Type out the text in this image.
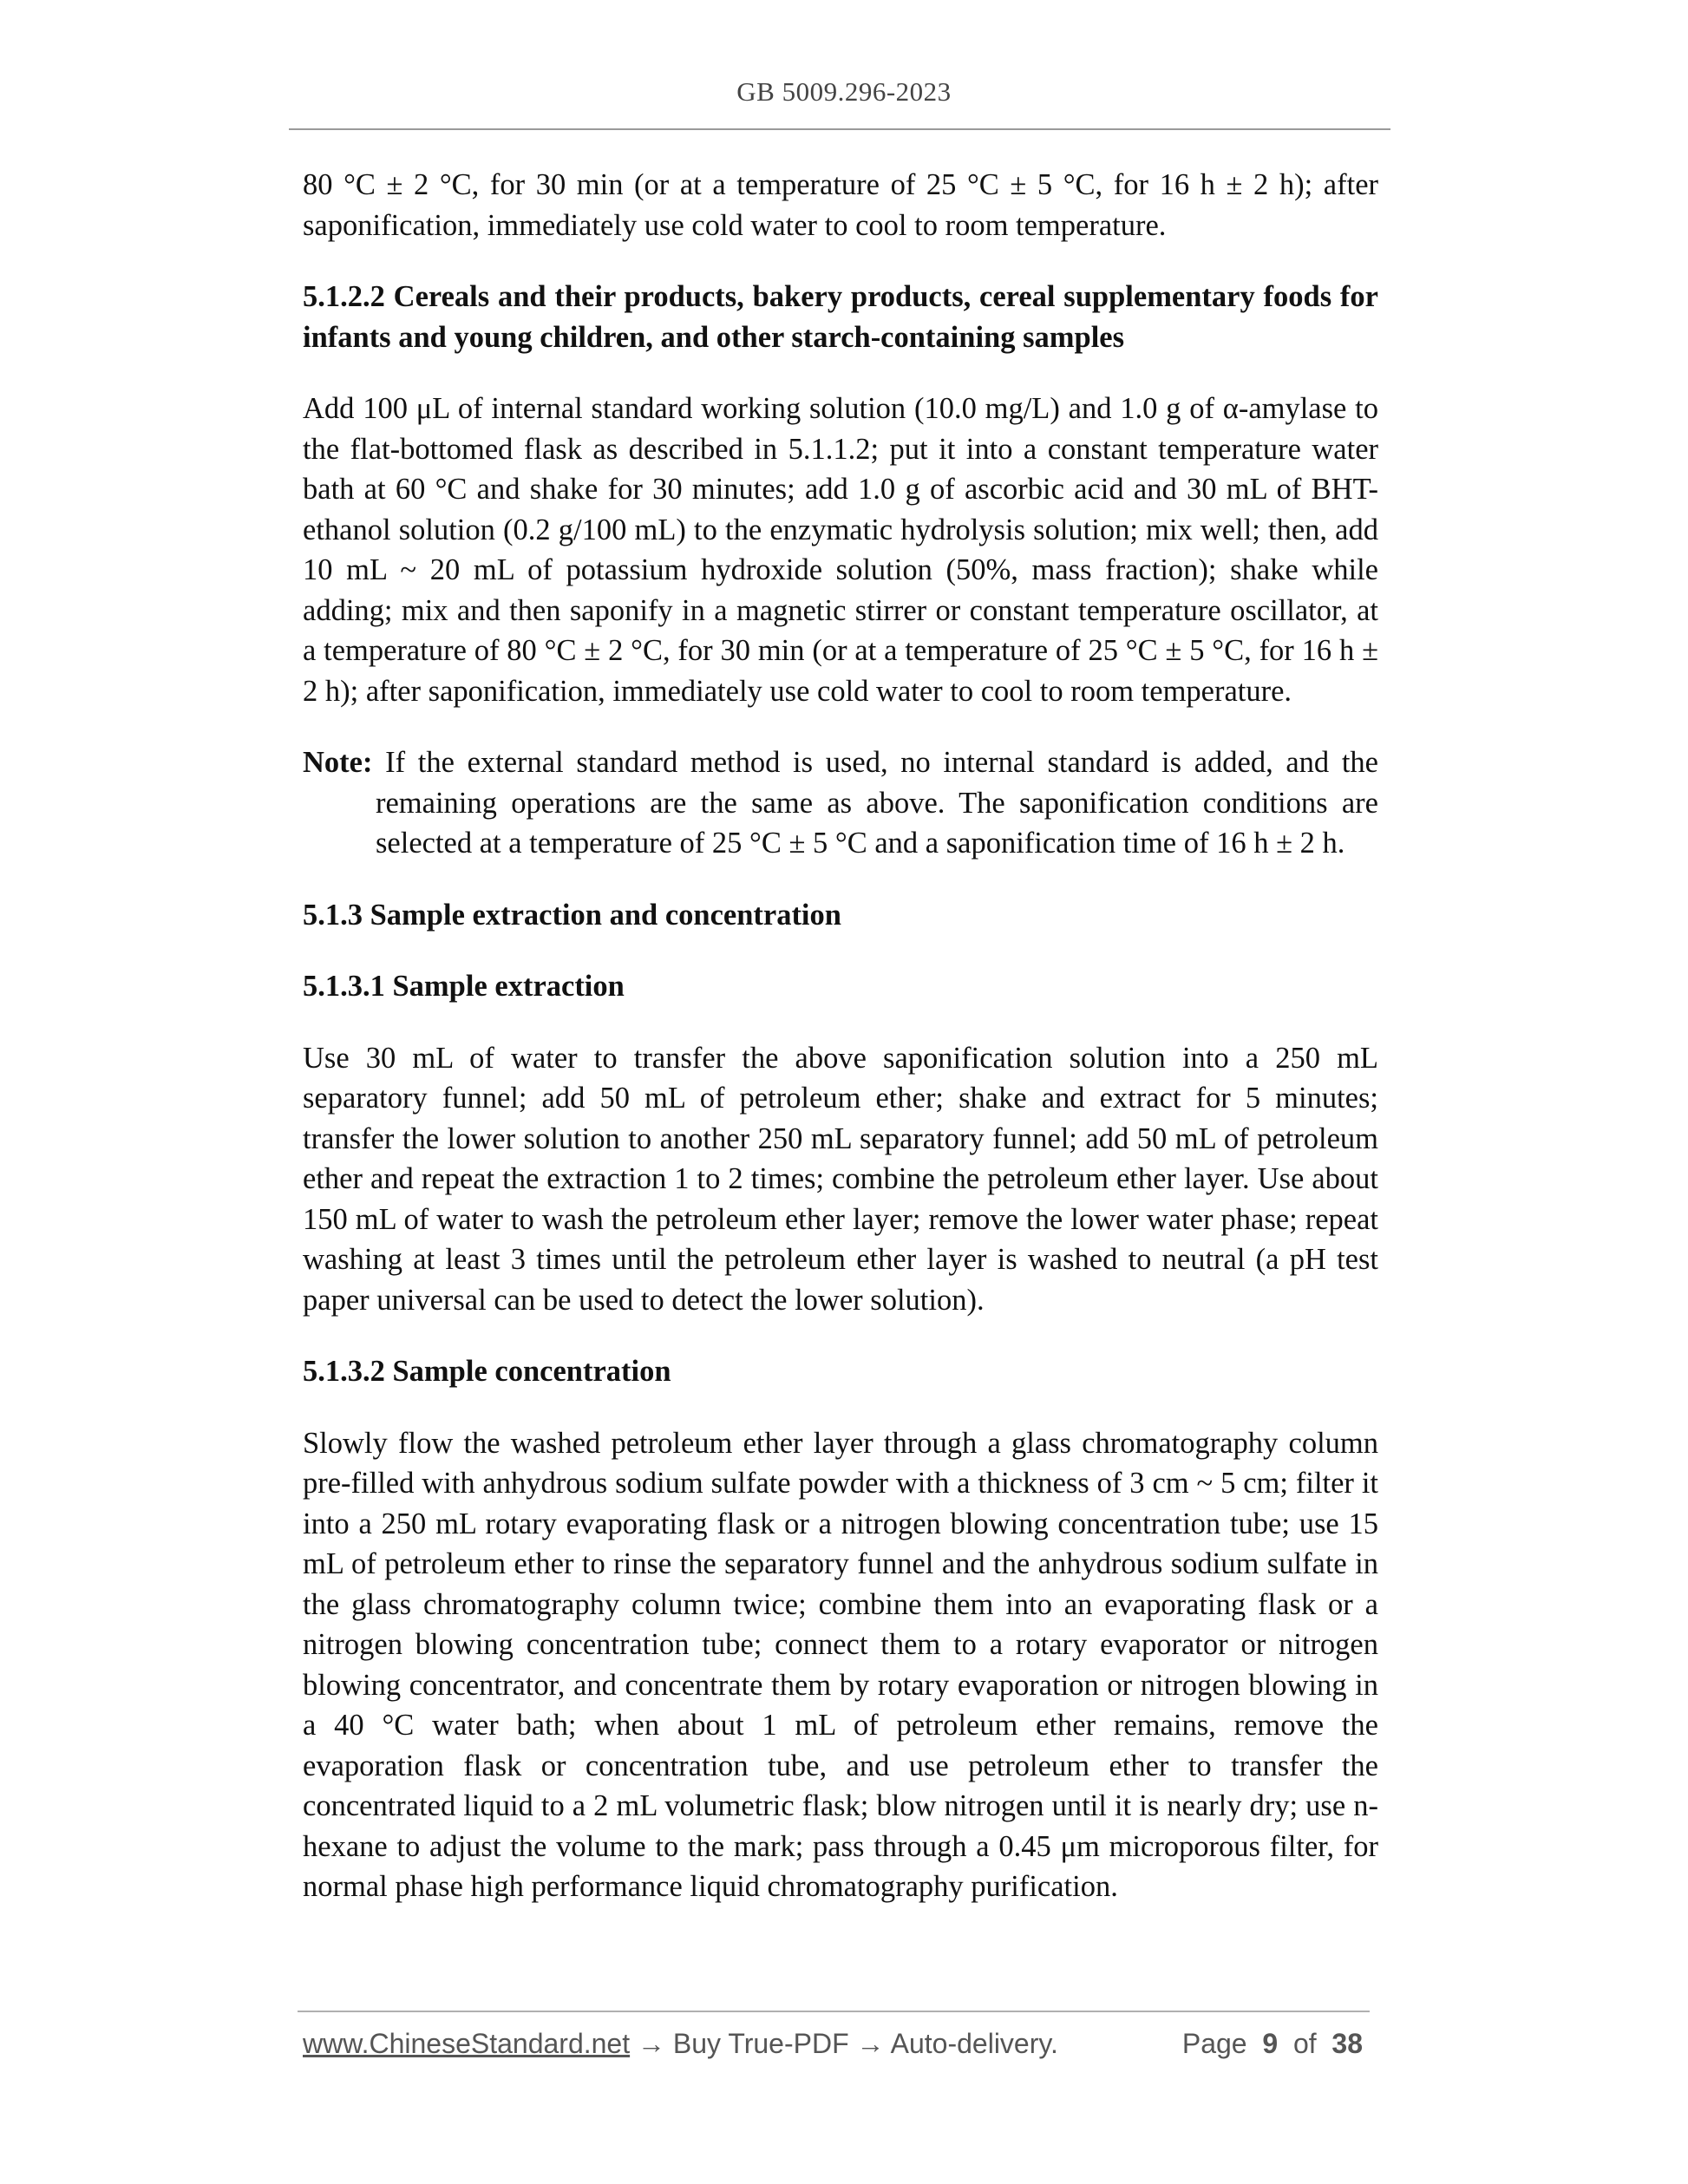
GB 5009.296-2023

80 °C ± 2 °C, for 30 min (or at a temperature of 25 °C ± 5 °C, for 16 h ± 2 h); after saponification, immediately use cold water to cool to room temperature.

5.1.2.2 Cereals and their products, bakery products, cereal supplementary foods for infants and young children, and other starch-containing samples

Add 100 μL of internal standard working solution (10.0 mg/L) and 1.0 g of α-amylase to the flat-bottomed flask as described in 5.1.1.2; put it into a constant temperature water bath at 60 °C and shake for 30 minutes; add 1.0 g of ascorbic acid and 30 mL of BHT-ethanol solution (0.2 g/100 mL) to the enzymatic hydrolysis solution; mix well; then, add 10 mL ~ 20 mL of potassium hydroxide solution (50%, mass fraction); shake while adding; mix and then saponify in a magnetic stirrer or constant temperature oscillator, at a temperature of 80 °C ± 2 °C, for 30 min (or at a temperature of 25 °C ± 5 °C, for 16 h ± 2 h); after saponification, immediately use cold water to cool to room temperature.

Note: If the external standard method is used, no internal standard is added, and the remaining operations are the same as above. The saponification conditions are selected at a temperature of 25 °C ± 5 °C and a saponification time of 16 h ± 2 h.
5.1.3 Sample extraction and concentration
5.1.3.1 Sample extraction

Use 30 mL of water to transfer the above saponification solution into a 250 mL separatory funnel; add 50 mL of petroleum ether; shake and extract for 5 minutes; transfer the lower solution to another 250 mL separatory funnel; add 50 mL of petroleum ether and repeat the extraction 1 to 2 times; combine the petroleum ether layer. Use about 150 mL of water to wash the petroleum ether layer; remove the lower water phase; repeat washing at least 3 times until the petroleum ether layer is washed to neutral (a pH test paper universal can be used to detect the lower solution).

5.1.3.2 Sample concentration

Slowly flow the washed petroleum ether layer through a glass chromatography column pre-filled with anhydrous sodium sulfate powder with a thickness of 3 cm ~ 5 cm; filter it into a 250 mL rotary evaporating flask or a nitrogen blowing concentration tube; use 15 mL of petroleum ether to rinse the separatory funnel and the anhydrous sodium sulfate in the glass chromatography column twice; combine them into an evaporating flask or a nitrogen blowing concentration tube; connect them to a rotary evaporator or nitrogen blowing concentrator, and concentrate them by rotary evaporation or nitrogen blowing in a 40 °C water bath; when about 1 mL of petroleum ether remains, remove the evaporation flask or concentration tube, and use petroleum ether to transfer the concentrated liquid to a 2 mL volumetric flask; blow nitrogen until it is nearly dry; use n-hexane to adjust the volume to the mark; pass through a 0.45 μm microporous filter, for normal phase high performance liquid chromatography purification.

www.ChineseStandard.net → Buy True-PDF → Auto-delivery.	Page 9 of 38
